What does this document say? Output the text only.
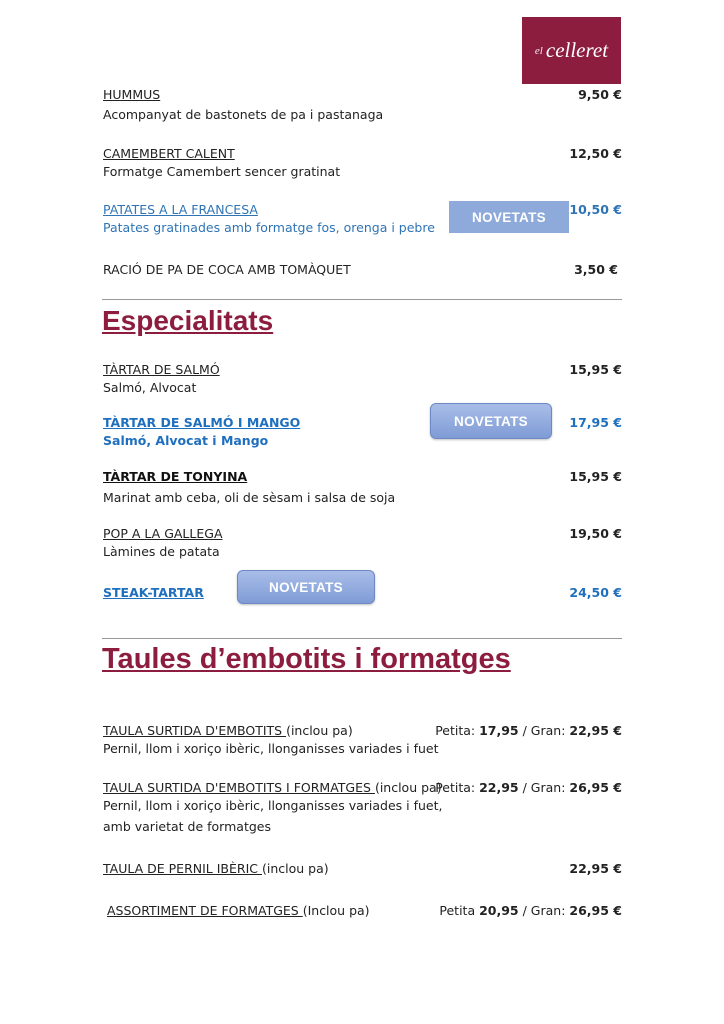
el celleret
HUMMUS
Acompanyat de bastonets de pa i pastanaga
9,50 €
CAMEMBERT CALENT
Formatge Camembert sencer gratinat
12,50 €
PATATES A LA FRANCESA
Patates gratinades amb formatge fos, orenga i pebre
NOVETATS	10,50 €
RACIÓ DE PA DE COCA AMB TOMÀQUET	3,50 €
Especialitats
TÀRTAR DE SALMÓ
Salmó, Alvocat
15,95 €
TÀRTAR DE SALMÓ I MANGO
Salmó, Alvocat i Mango
NOVETATS	17,95 €
TÀRTAR DE TONYINA
Marinat amb ceba, oli de sèsam i salsa de soja
15,95 €
POP A LA GALLEGA
Làmines de patata
19,50 €
STEAK-TARTAR	NOVETATS	24,50 €
Taules d’embotits i formatges
TAULA SURTIDA D'EMBOTITS (inclou pa)
Pernil, llom i xoriço ibèric, llonganisses variades i fuet
Petita: 17,95 / Gran: 22,95 €
TAULA SURTIDA D'EMBOTITS I FORMATGES (inclou pa)
Pernil, llom i xoriço ibèric, llonganisses variades i fuet,
amb varietat de formatges
Petita: 22,95 / Gran: 26,95 €
TAULA DE PERNIL IBÈRIC (inclou pa)	22,95 €
ASSORTIMENT DE FORMATGES (Inclou pa)	Petita 20,95 / Gran: 26,95 €
